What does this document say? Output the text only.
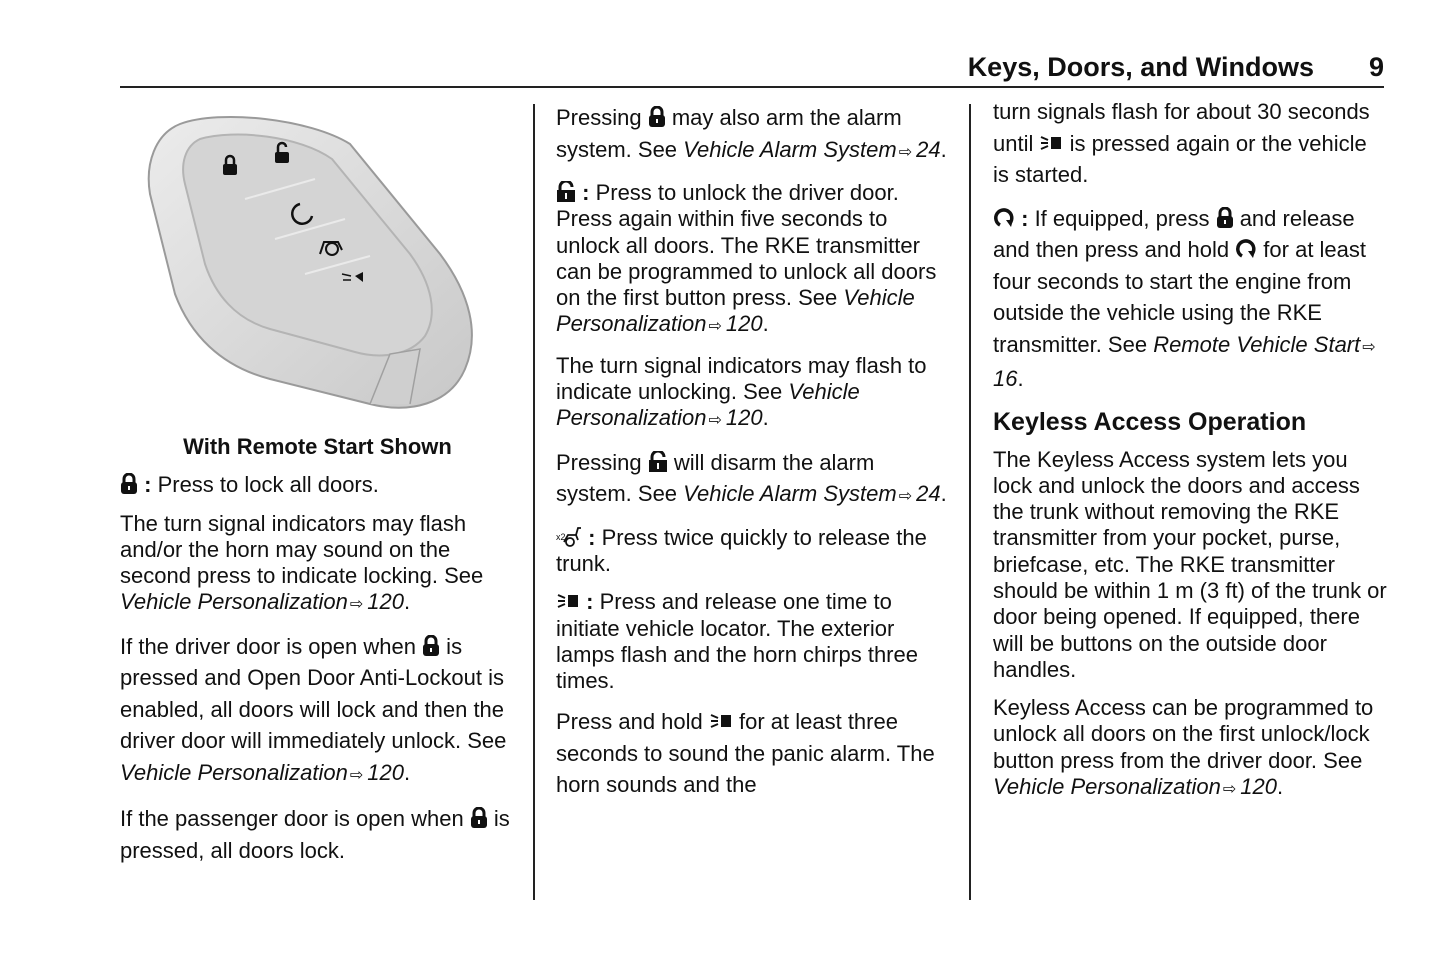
Keys, Doors, and Windows 9
With Remote Start Shown

: Press to lock all doors.

The turn signal indicators may flash and/or the horn may sound on the second press to indicate locking. See Vehicle Personalization ⇨ 120.

If the driver door is open when
is pressed and Open Door Anti-Lockout is enabled, all doors will lock and then the driver door will immediately unlock. See Vehicle Personalization ⇨ 120.

If the passenger door is open when
is pressed, all doors lock.

Pressing
may also arm the alarm system. See Vehicle Alarm System ⇨ 24.

: Press to unlock the driver door. Press again within five seconds to unlock all doors. The RKE transmitter can be programmed to unlock all doors on the first button press. See Vehicle Personalization ⇨ 120.

The turn signal indicators may flash to indicate unlocking. See Vehicle Personalization ⇨ 120.

Pressing
will disarm the alarm system. See Vehicle Alarm System ⇨ 24.

x2 : Press twice quickly to release the trunk.

: Press and release one time to initiate vehicle locator. The exterior lamps flash and the horn chirps three times.

Press and hold
for at least three seconds to sound the panic alarm. The horn sounds and the

turn signals flash for about 30 seconds until
is pressed again or the vehicle is started.

: If equipped, press
and release and then press and hold
for at least four seconds to start the engine from outside the vehicle using the RKE transmitter. See Remote Vehicle Start ⇨16.

Keyless Access Operation

The Keyless Access system lets you lock and unlock the doors and access the trunk without removing the RKE transmitter from your pocket, purse, briefcase, etc. The RKE transmitter should be within 1 m (3 ft) of the trunk or door being opened. If equipped, there will be buttons on the outside door handles.

Keyless Access can be programmed to unlock all doors on the first unlock/lock button press from the driver door. See Vehicle Personalization ⇨ 120.
